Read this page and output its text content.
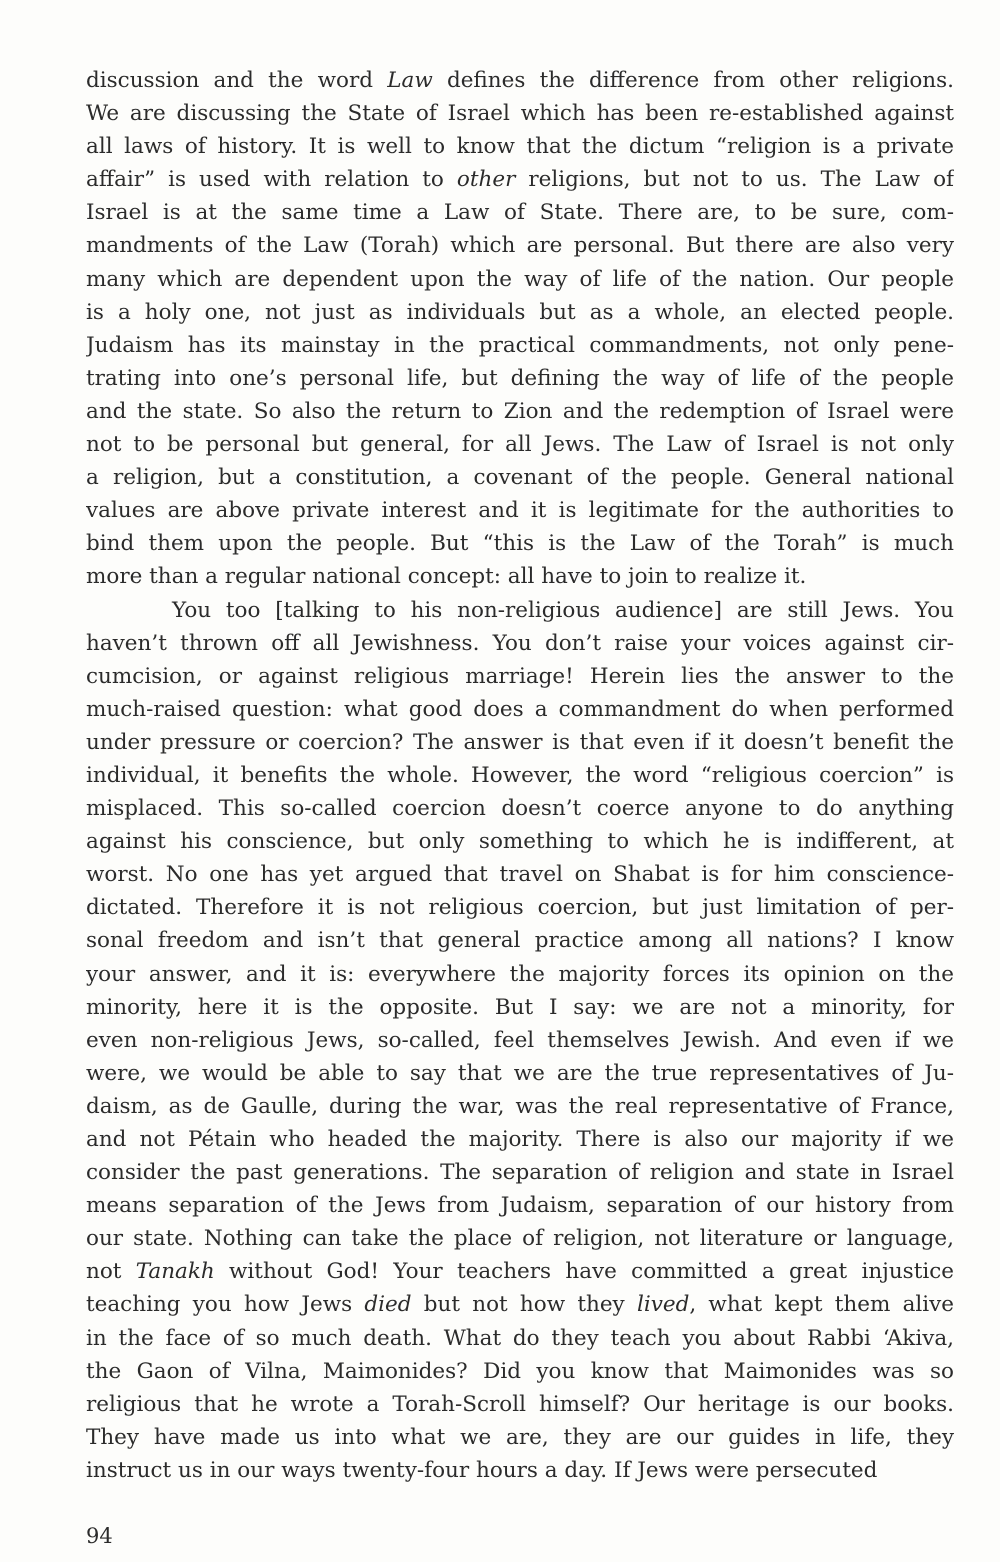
discussion and the word Law defines the difference from other religions.
We are discussing the State of Israel which has been re-established against
all laws of history. It is well to know that the dictum “religion is a private
affair” is used with relation to other religions, but not to us. The Law of
Israel is at the same time a Law of State. There are, to be sure, com-
mandments of the Law (Torah) which are personal. But there are also very
many which are dependent upon the way of life of the nation. Our people
is a holy one, not just as individuals but as a whole, an elected people.
Judaism has its mainstay in the practical commandments, not only pene-
trating into one’s personal life, but defining the way of life of the people
and the state. So also the return to Zion and the redemption of Israel were
not to be personal but general, for all Jews. The Law of Israel is not only
a religion, but a constitution, a covenant of the people. General national
values are above private interest and it is legitimate for the authorities to
bind them upon the people. But “this is the Law of the Torah” is much
more than a regular national concept: all have to join to realize it.
You too [talking to his non-religious audience] are still Jews. You
haven’t thrown off all Jewishness. You don’t raise your voices against cir-
cumcision, or against religious marriage! Herein lies the answer to the
much-raised question: what good does a commandment do when performed
under pressure or coercion? The answer is that even if it doesn’t benefit the
individual, it benefits the whole. However, the word “religious coercion” is
misplaced. This so-called coercion doesn’t coerce anyone to do anything
against his conscience, but only something to which he is indifferent, at
worst. No one has yet argued that travel on Shabat is for him conscience-
dictated. Therefore it is not religious coercion, but just limitation of per-
sonal freedom and isn’t that general practice among all nations? I know
your answer, and it is: everywhere the majority forces its opinion on the
minority, here it is the opposite. But I say: we are not a minority, for
even non-religious Jews, so-called, feel themselves Jewish. And even if we
were, we would be able to say that we are the true representatives of Ju-
daism, as de Gaulle, during the war, was the real representative of France,
and not Pétain who headed the majority. There is also our majority if we
consider the past generations. The separation of religion and state in Israel
means separation of the Jews from Judaism, separation of our history from
our state. Nothing can take the place of religion, not literature or language,
not Tanakh without God! Your teachers have committed a great injustice
teaching you how Jews died but not how they lived, what kept them alive
in the face of so much death. What do they teach you about Rabbi ‘Akiva,
the Gaon of Vilna, Maimonides? Did you know that Maimonides was so
religious that he wrote a Torah-Scroll himself? Our heritage is our books.
They have made us into what we are, they are our guides in life, they
instruct us in our ways twenty-four hours a day. If Jews were persecuted
94
